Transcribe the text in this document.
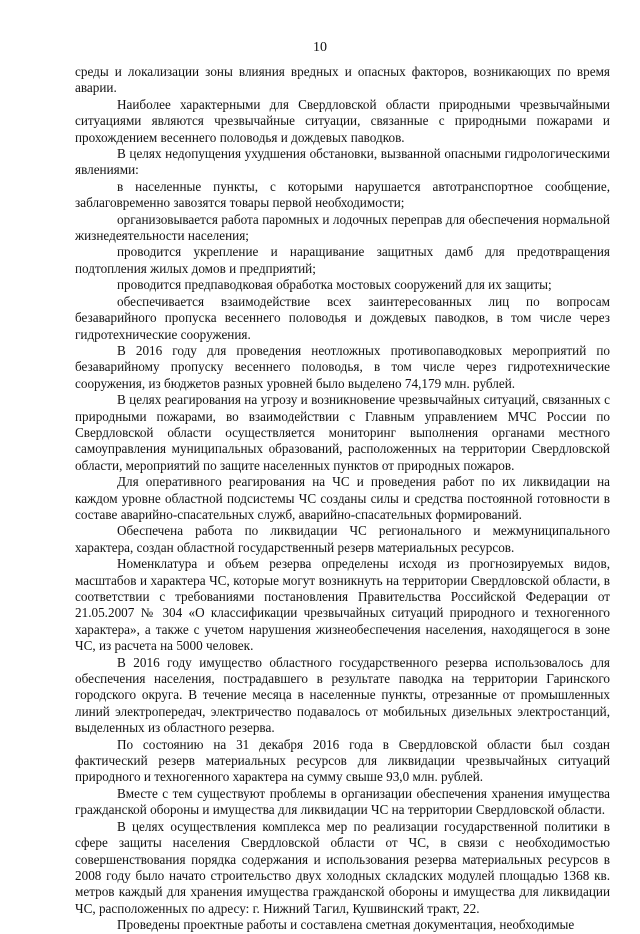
10

среды и локализации зоны влияния вредных и опасных факторов, возникающих по время аварии.

Наиболее характерными для Свердловской области природными чрезвычайными ситуациями являются чрезвычайные ситуации, связанные с природными пожарами и прохождением весеннего половодья и дождевых паводков.

В целях недопущения ухудшения обстановки, вызванной опасными гидрологическими явлениями:

в населенные пункты, с которыми нарушается автотранспортное сообщение, заблаговременно завозятся товары первой необходимости;

организовывается работа паромных и лодочных переправ для обеспечения нормальной жизнедеятельности населения;

проводится укрепление и наращивание защитных дамб для предотвращения подтопления жилых домов и предприятий;

проводится предпаводковая обработка мостовых сооружений для их защиты;

обеспечивается взаимодействие всех заинтересованных лиц по вопросам безаварийного пропуска весеннего половодья и дождевых паводков, в том числе через гидротехнические сооружения.

В 2016 году для проведения неотложных противопаводковых мероприятий по безаварийному пропуску весеннего половодья, в том числе через гидротехнические сооружения, из бюджетов разных уровней было выделено 74,179 млн. рублей.

В целях реагирования на угрозу и возникновение чрезвычайных ситуаций, связанных с природными пожарами, во взаимодействии с Главным управлением МЧС России по Свердловской области осуществляется мониторинг выполнения органами местного самоуправления муниципальных образований, расположенных на территории Свердловской области, мероприятий по защите населенных пунктов от природных пожаров.

Для оперативного реагирования на ЧС и проведения работ по их ликвидации на каждом уровне областной подсистемы ЧС созданы силы и средства постоянной готовности в составе аварийно-спасательных служб, аварийно-спасательных формирований.

Обеспечена работа по ликвидации ЧС регионального и межмуниципального характера, создан областной государственный резерв материальных ресурсов.

Номенклатура и объем резерва определены исходя из прогнозируемых видов, масштабов и характера ЧС, которые могут возникнуть на территории Свердловской области, в соответствии с требованиями постановления Правительства Российской Федерации от 21.05.2007 № 304 «О классификации чрезвычайных ситуаций природного и техногенного характера», а также с учетом нарушения жизнеобеспечения населения, находящегося в зоне ЧС, из расчета на 5000 человек.

В 2016 году имущество областного государственного резерва использовалось для обеспечения населения, пострадавшего в результате паводка на территории Гаринского городского округа. В течение месяца в населенные пункты, отрезанные от промышленных линий электропередач, электричество подавалось от мобильных дизельных электростанций, выделенных из областного резерва.

По состоянию на 31 декабря 2016 года в Свердловской области был создан фактический резерв материальных ресурсов для ликвидации чрезвычайных ситуаций природного и техногенного характера на сумму свыше 93,0 млн. рублей.

Вместе с тем существуют проблемы в организации обеспечения хранения имущества гражданской обороны и имущества для ликвидации ЧС на территории Свердловской области.

В целях осуществления комплекса мер по реализации государственной политики в сфере защиты населения Свердловской области от ЧС, в связи с необходимостью совершенствования порядка содержания и использования резерва материальных ресурсов в 2008 году было начато строительство двух холодных складских модулей площадью 1368 кв. метров каждый для хранения имущества гражданской обороны и имущества для ликвидации ЧС, расположенных по адресу: г. Нижний Тагил, Кушвинский тракт, 22.

Проведены проектные работы и составлена сметная документация, необходимые
